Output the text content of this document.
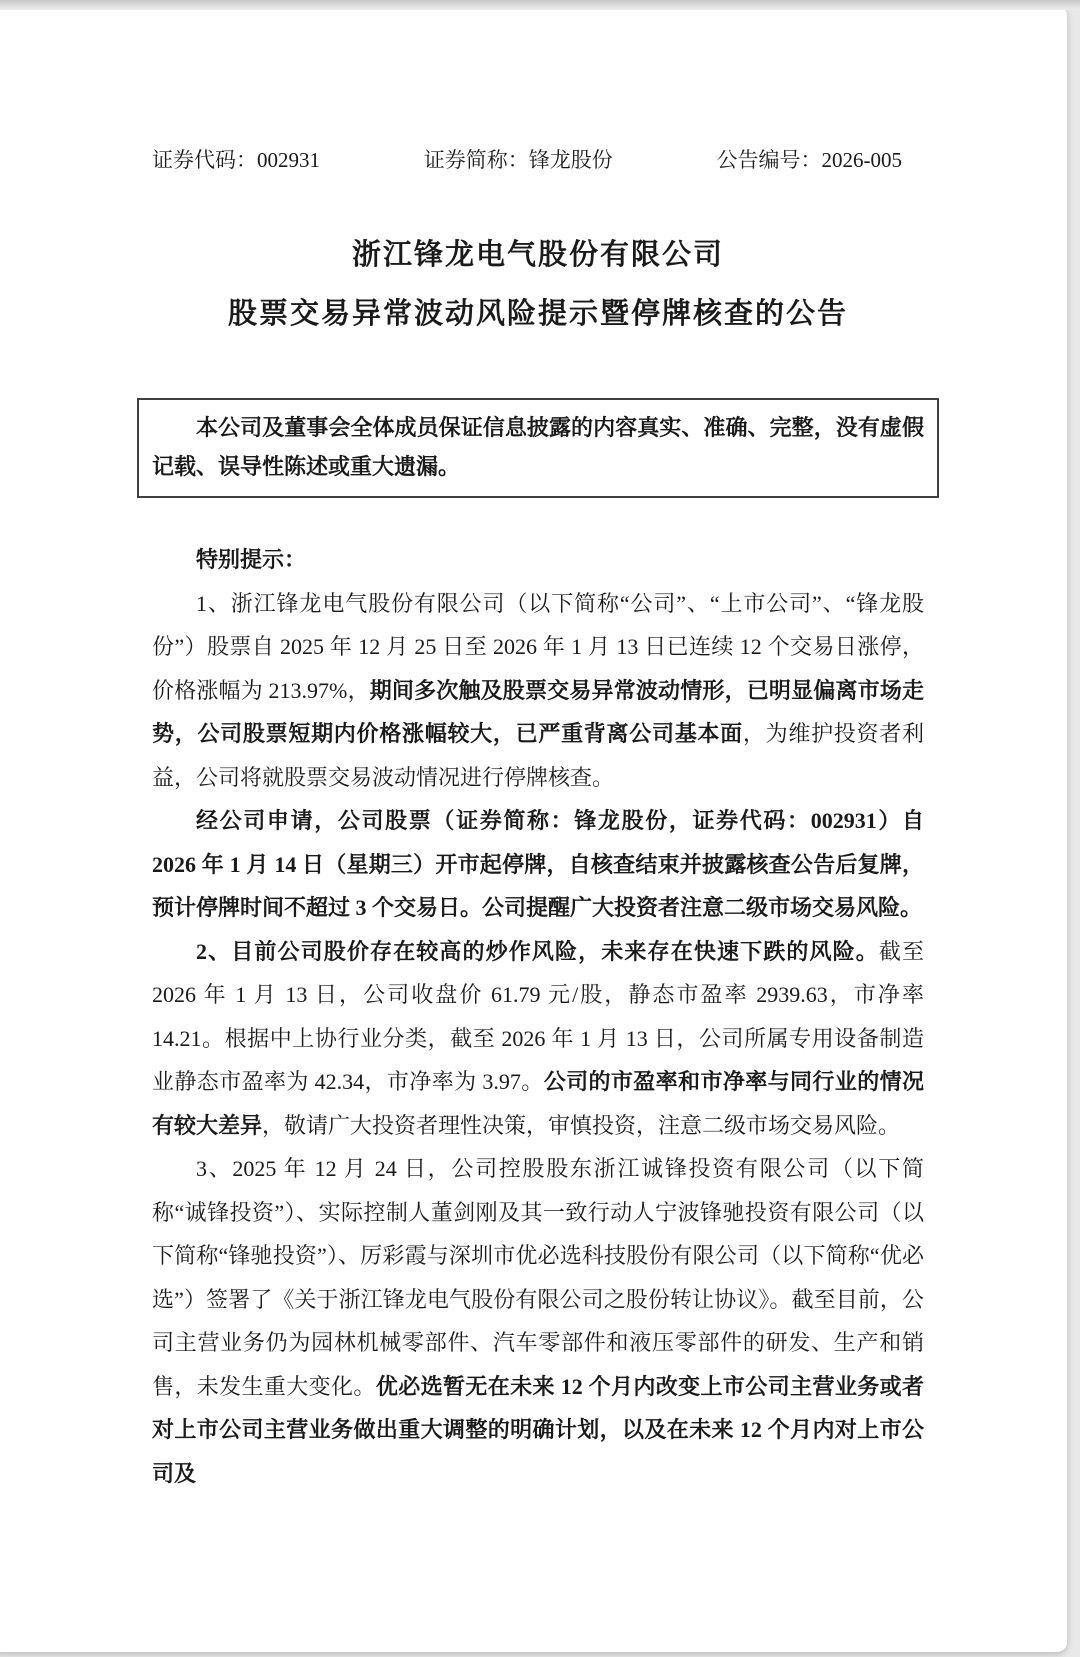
证券代码：002931	证券简称：锋龙股份	公告编号：2026-005
浙江锋龙电气股份有限公司
股票交易异常波动风险提示暨停牌核查的公告
本公司及董事会全体成员保证信息披露的内容真实、准确、完整，没有虚假记载、误导性陈述或重大遗漏。
特别提示：

1、浙江锋龙电气股份有限公司（以下简称“公司”、“上市公司”、“锋龙股份”）股票自 2025 年 12 月 25 日至 2026 年 1 月 13 日已连续 12 个交易日涨停，价格涨幅为 213.97%，期间多次触及股票交易异常波动情形，已明显偏离市场走势，公司股票短期内价格涨幅较大，已严重背离公司基本面，为维护投资者利益，公司将就股票交易波动情况进行停牌核查。

经公司申请，公司股票（证券简称：锋龙股份，证券代码：002931）自 2026 年 1 月 14 日（星期三）开市起停牌，自核查结束并披露核查公告后复牌，预计停牌时间不超过 3 个交易日。公司提醒广大投资者注意二级市场交易风险。

2、目前公司股价存在较高的炒作风险，未来存在快速下跌的风险。截至 2026 年 1 月 13 日，公司收盘价 61.79 元/股，静态市盈率 2939.63，市净率 14.21。根据中上协行业分类，截至 2026 年 1 月 13 日，公司所属专用设备制造业静态市盈率为 42.34，市净率为 3.97。公司的市盈率和市净率与同行业的情况有较大差异，敬请广大投资者理性决策，审慎投资，注意二级市场交易风险。

3、2025 年 12 月 24 日，公司控股股东浙江诚锋投资有限公司（以下简称“诚锋投资”）、实际控制人董剑刚及其一致行动人宁波锋驰投资有限公司（以下简称“锋驰投资”）、厉彩霞与深圳市优必选科技股份有限公司（以下简称“优必选”）签署了《关于浙江锋龙电气股份有限公司之股份转让协议》。截至目前，公司主营业务仍为园林机械零部件、汽车零部件和液压零部件的研发、生产和销售，未发生重大变化。优必选暂无在未来 12 个月内改变上市公司主营业务或者对上市公司主营业务做出重大调整的明确计划，以及在未来 12 个月内对上市公司及
